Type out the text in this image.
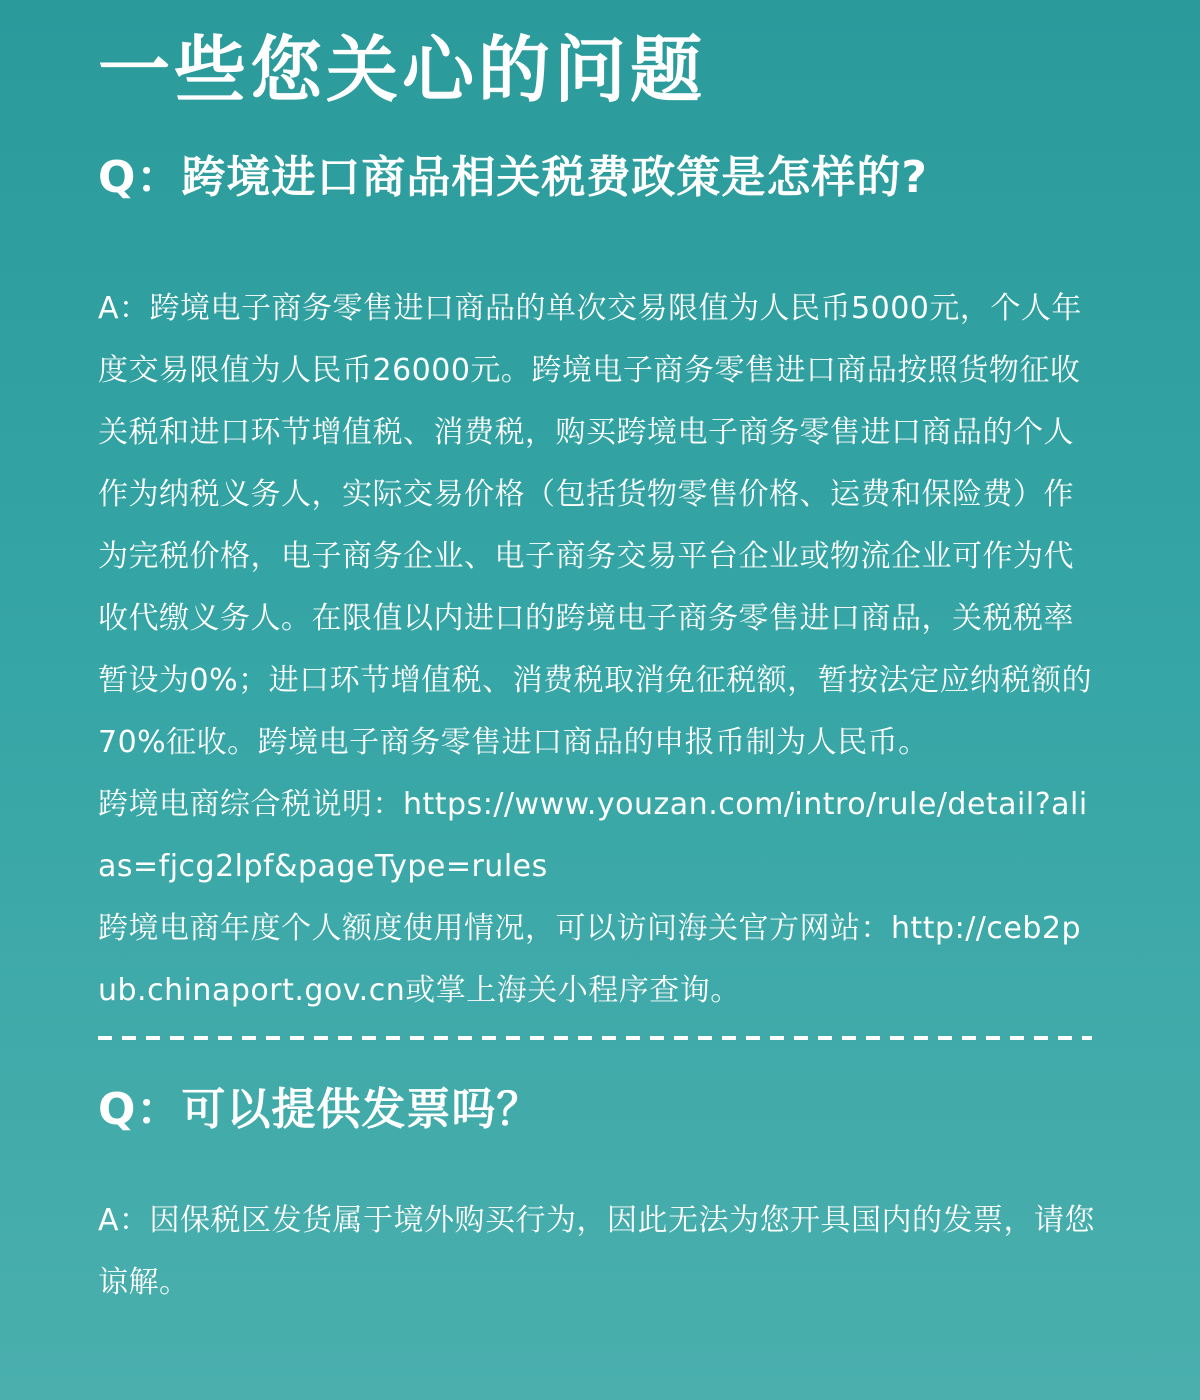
一些您关心的问题
Q：跨境进口商品相关税费政策是怎样的?

A：跨境电子商务零售进口商品的单次交易限值为人民币5000元，个人年度交易限值为人民币26000元。跨境电子商务零售进口商品按照货物征收关税和进口环节增值税、消费税，购买跨境电子商务零售进口商品的个人作为纳税义务人，实际交易价格（包括货物零售价格、运费和保险费）作为完税价格，电子商务企业、电子商务交易平台企业或物流企业可作为代收代缴义务人。在限值以内进口的跨境电子商务零售进口商品，关税税率暂设为0%；进口环节增值税、消费税取消免征税额，暂按法定应纳税额的70%征收。跨境电子商务零售进口商品的申报币制为人民币。

跨境电商综合税说明：https://www.youzan.com/intro/rule/detail?alias=fjcg2lpf&pageType=rules

跨境电商年度个人额度使用情况，可以访问海关官方网站：http://ceb2pub.chinaport.gov.cn或掌上海关小程序查询。

Q：可以提供发票吗？

A：因保税区发货属于境外购买行为，因此无法为您开具国内的发票，请您谅解。
